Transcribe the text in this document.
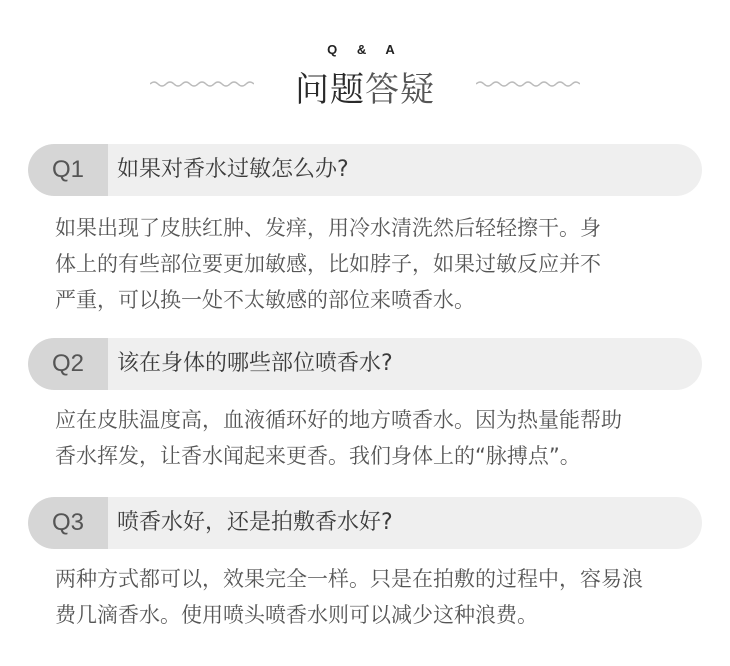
Q & A
问题答疑
Q1	如果对香水过敏怎么办?
如果出现了皮肤红肿、发痒，用冷水清洗然后轻轻擦干。身
体上的有些部位要更加敏感，比如脖子，如果过敏反应并不
严重，可以换一处不太敏感的部位来喷香水。
Q2	该在身体的哪些部位喷香水?
应在皮肤温度高，血液循环好的地方喷香水。因为热量能帮助
香水挥发，让香水闻起来更香。我们身体上的“脉搏点”。
Q3	喷香水好，还是拍敷香水好?
两种方式都可以，效果完全一样。只是在拍敷的过程中，容易浪
费几滴香水。使用喷头喷香水则可以减少这种浪费。
